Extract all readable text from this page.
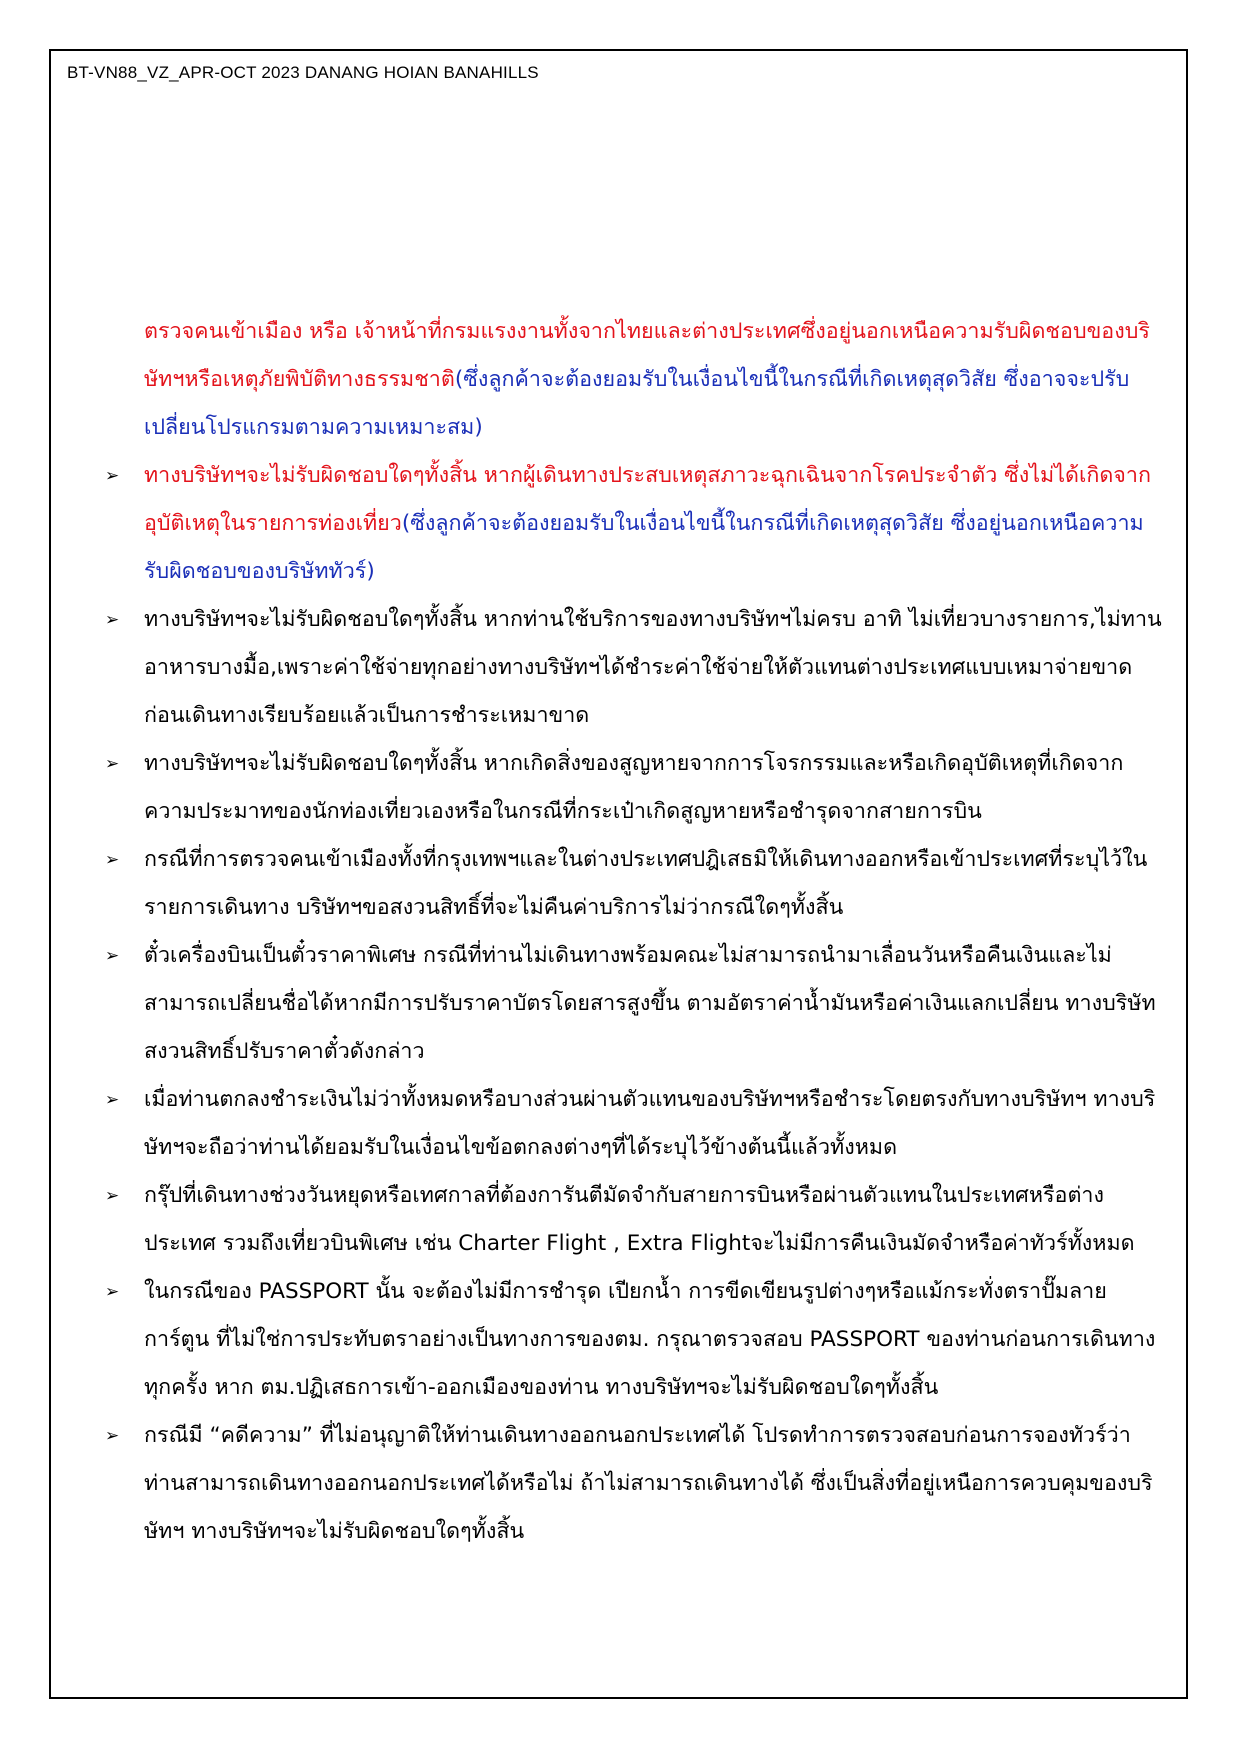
BT-VN88_VZ_APR-OCT 2023 DANANG HOIAN BANAHILLS

ตรวจคนเข้าเมือง หรือ เจ้าหน้าที่กรมแรงงานทั้งจากไทยและต่างประเทศซึ่งอยู่นอกเหนือความรับผิดชอบของบริษัทฯหรือเหตุภัยพิบัติทางธรรมชาติ(ซึ่งลูกค้าจะต้องยอมรับในเงื่อนไขนี้ในกรณีที่เกิดเหตุสุดวิสัย ซึ่งอาจจะปรับเปลี่ยนโปรแกรมตามความเหมาะสม)

➢	ทางบริษัทฯจะไม่รับผิดชอบใดๆทั้งสิ้น หากผู้เดินทางประสบเหตุสภาวะฉุกเฉินจากโรคประจำตัว ซึ่งไม่ได้เกิดจากอุบัติเหตุในรายการท่องเที่ยว(ซึ่งลูกค้าจะต้องยอมรับในเงื่อนไขนี้ในกรณีที่เกิดเหตุสุดวิสัย ซึ่งอยู่นอกเหนือความรับผิดชอบของบริษัททัวร์)
➢	ทางบริษัทฯจะไม่รับผิดชอบใดๆทั้งสิ้น หากท่านใช้บริการของทางบริษัทฯไม่ครบ อาทิ ไม่เที่ยวบางรายการ,ไม่ทานอาหารบางมื้อ,เพราะค่าใช้จ่ายทุกอย่างทางบริษัทฯได้ชำระค่าใช้จ่ายให้ตัวแทนต่างประเทศแบบเหมาจ่ายขาด ก่อนเดินทางเรียบร้อยแล้วเป็นการชำระเหมาขาด
➢	ทางบริษัทฯจะไม่รับผิดชอบใดๆทั้งสิ้น หากเกิดสิ่งของสูญหายจากการโจรกรรมและหรือเกิดอุบัติเหตุที่เกิดจากความประมาทของนักท่องเที่ยวเองหรือในกรณีที่กระเป๋าเกิดสูญหายหรือชำรุดจากสายการบิน
➢	กรณีที่การตรวจคนเข้าเมืองทั้งที่กรุงเทพฯและในต่างประเทศปฎิเสธมิให้เดินทางออกหรือเข้าประเทศที่ระบุไว้ในรายการเดินทาง บริษัทฯขอสงวนสิทธิ์ที่จะไม่คืนค่าบริการไม่ว่ากรณีใดๆทั้งสิ้น
➢	ตั๋วเครื่องบินเป็นตั๋วราคาพิเศษ กรณีที่ท่านไม่เดินทางพร้อมคณะไม่สามารถนำมาเลื่อนวันหรือคืนเงินและไม่สามารถเปลี่ยนชื่อได้หากมีการปรับราคาบัตรโดยสารสูงขึ้น ตามอัตราค่าน้ำมันหรือค่าเงินแลกเปลี่ยน ทางบริษัท สงวนสิทธิ์ปรับราคาตั๋วดังกล่าว
➢	เมื่อท่านตกลงชำระเงินไม่ว่าทั้งหมดหรือบางส่วนผ่านตัวแทนของบริษัทฯหรือชำระโดยตรงกับทางบริษัทฯ ทางบริษัทฯจะถือว่าท่านได้ยอมรับในเงื่อนไขข้อตกลงต่างๆที่ได้ระบุไว้ข้างต้นนี้แล้วทั้งหมด
➢	กรุ๊ปที่เดินทางช่วงวันหยุดหรือเทศกาลที่ต้องการันตีมัดจำกับสายการบินหรือผ่านตัวแทนในประเทศหรือต่างประเทศ รวมถึงเที่ยวบินพิเศษ เช่น Charter Flight , Extra Flightจะไม่มีการคืนเงินมัดจำหรือค่าทัวร์ทั้งหมด
➢	ในกรณีของ PASSPORT นั้น จะต้องไม่มีการชำรุด เปียกน้ำ การขีดเขียนรูปต่างๆหรือแม้กระทั่งตราปั๊มลายการ์ตูน ที่ไม่ใช่การประทับตราอย่างเป็นทางการของตม. กรุณาตรวจสอบ PASSPORT ของท่านก่อนการเดินทางทุกครั้ง หาก ตม.ปฏิเสธการเข้า-ออกเมืองของท่าน ทางบริษัทฯจะไม่รับผิดชอบใดๆทั้งสิ้น
➢	กรณีมี “คดีความ” ที่ไม่อนุญาติให้ท่านเดินทางออกนอกประเทศได้ โปรดทำการตรวจสอบก่อนการจองทัวร์ว่าท่านสามารถเดินทางออกนอกประเทศได้หรือไม่ ถ้าไม่สามารถเดินทางได้ ซึ่งเป็นสิ่งที่อยู่เหนือการควบคุมของบริษัทฯ ทางบริษัทฯจะไม่รับผิดชอบใดๆทั้งสิ้น
